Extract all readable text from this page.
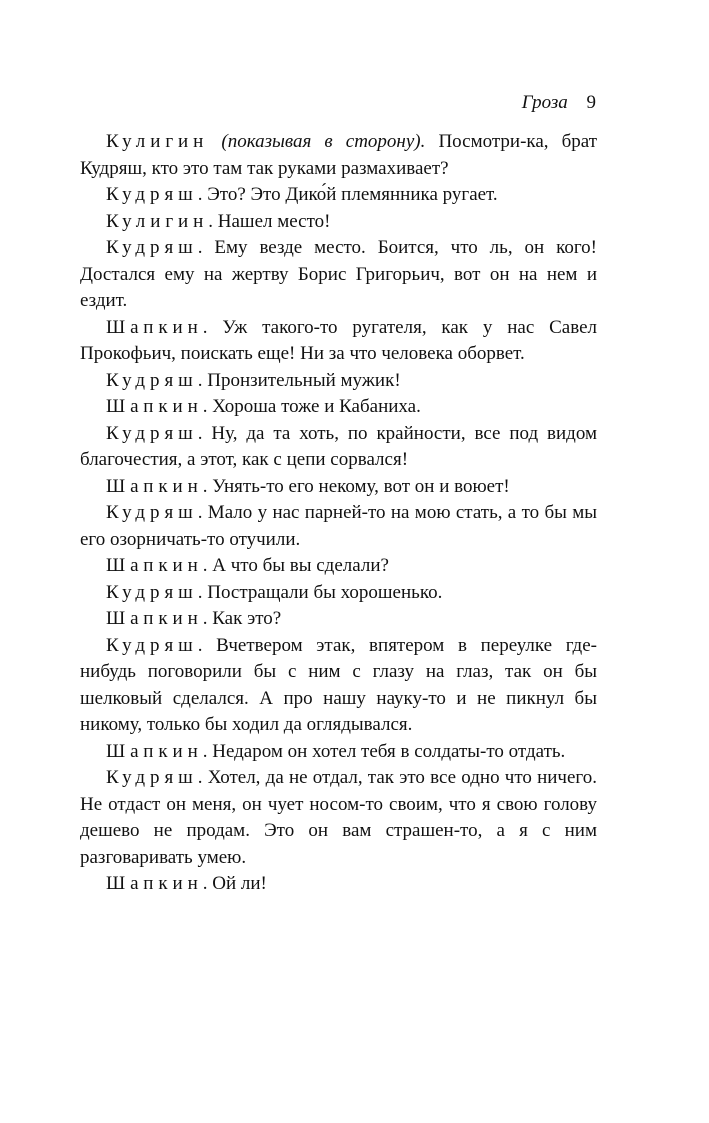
Гроза 9

Кулигин (показывая в сторону). Посмотри-ка, брат Кудряш, кто это там так руками размахивает?

Кудряш. Это? Это Дико́й племянника ругает.

Кулигин. Нашел место!

Кудряш. Ему везде место. Боится, что ль, он кого! Достался ему на жертву Борис Григорьич, вот он на нем и ездит.

Шапкин. Уж такого-то ругателя, как у нас Савел Прокофьич, поискать еще! Ни за что человека оборвет.

Кудряш. Пронзительный мужик!

Шапкин. Хороша тоже и Кабаниха.

Кудряш. Ну, да та хоть, по крайности, все под видом благочестия, а этот, как с цепи сорвался!

Шапкин. Унять-то его некому, вот он и воюет!

Кудряш. Мало у нас парней-то на мою стать, а то бы мы его озорничать-то отучили.

Шапкин. А что бы вы сделали?

Кудряш. Постращали бы хорошенько.

Шапкин. Как это?

Кудряш. Вчетвером этак, впятером в переулке где-нибудь поговорили бы с ним с глазу на глаз, так он бы шелковый сделался. А про нашу науку-то и не пикнул бы никому, только бы ходил да оглядывался.

Шапкин. Недаром он хотел тебя в солдаты-то отдать.

Кудряш. Хотел, да не отдал, так это все одно что ничего. Не отдаст он меня, он чует носом-то своим, что я свою голову дешево не продам. Это он вам страшен-то, а я с ним разговаривать умею.

Шапкин. Ой ли!
